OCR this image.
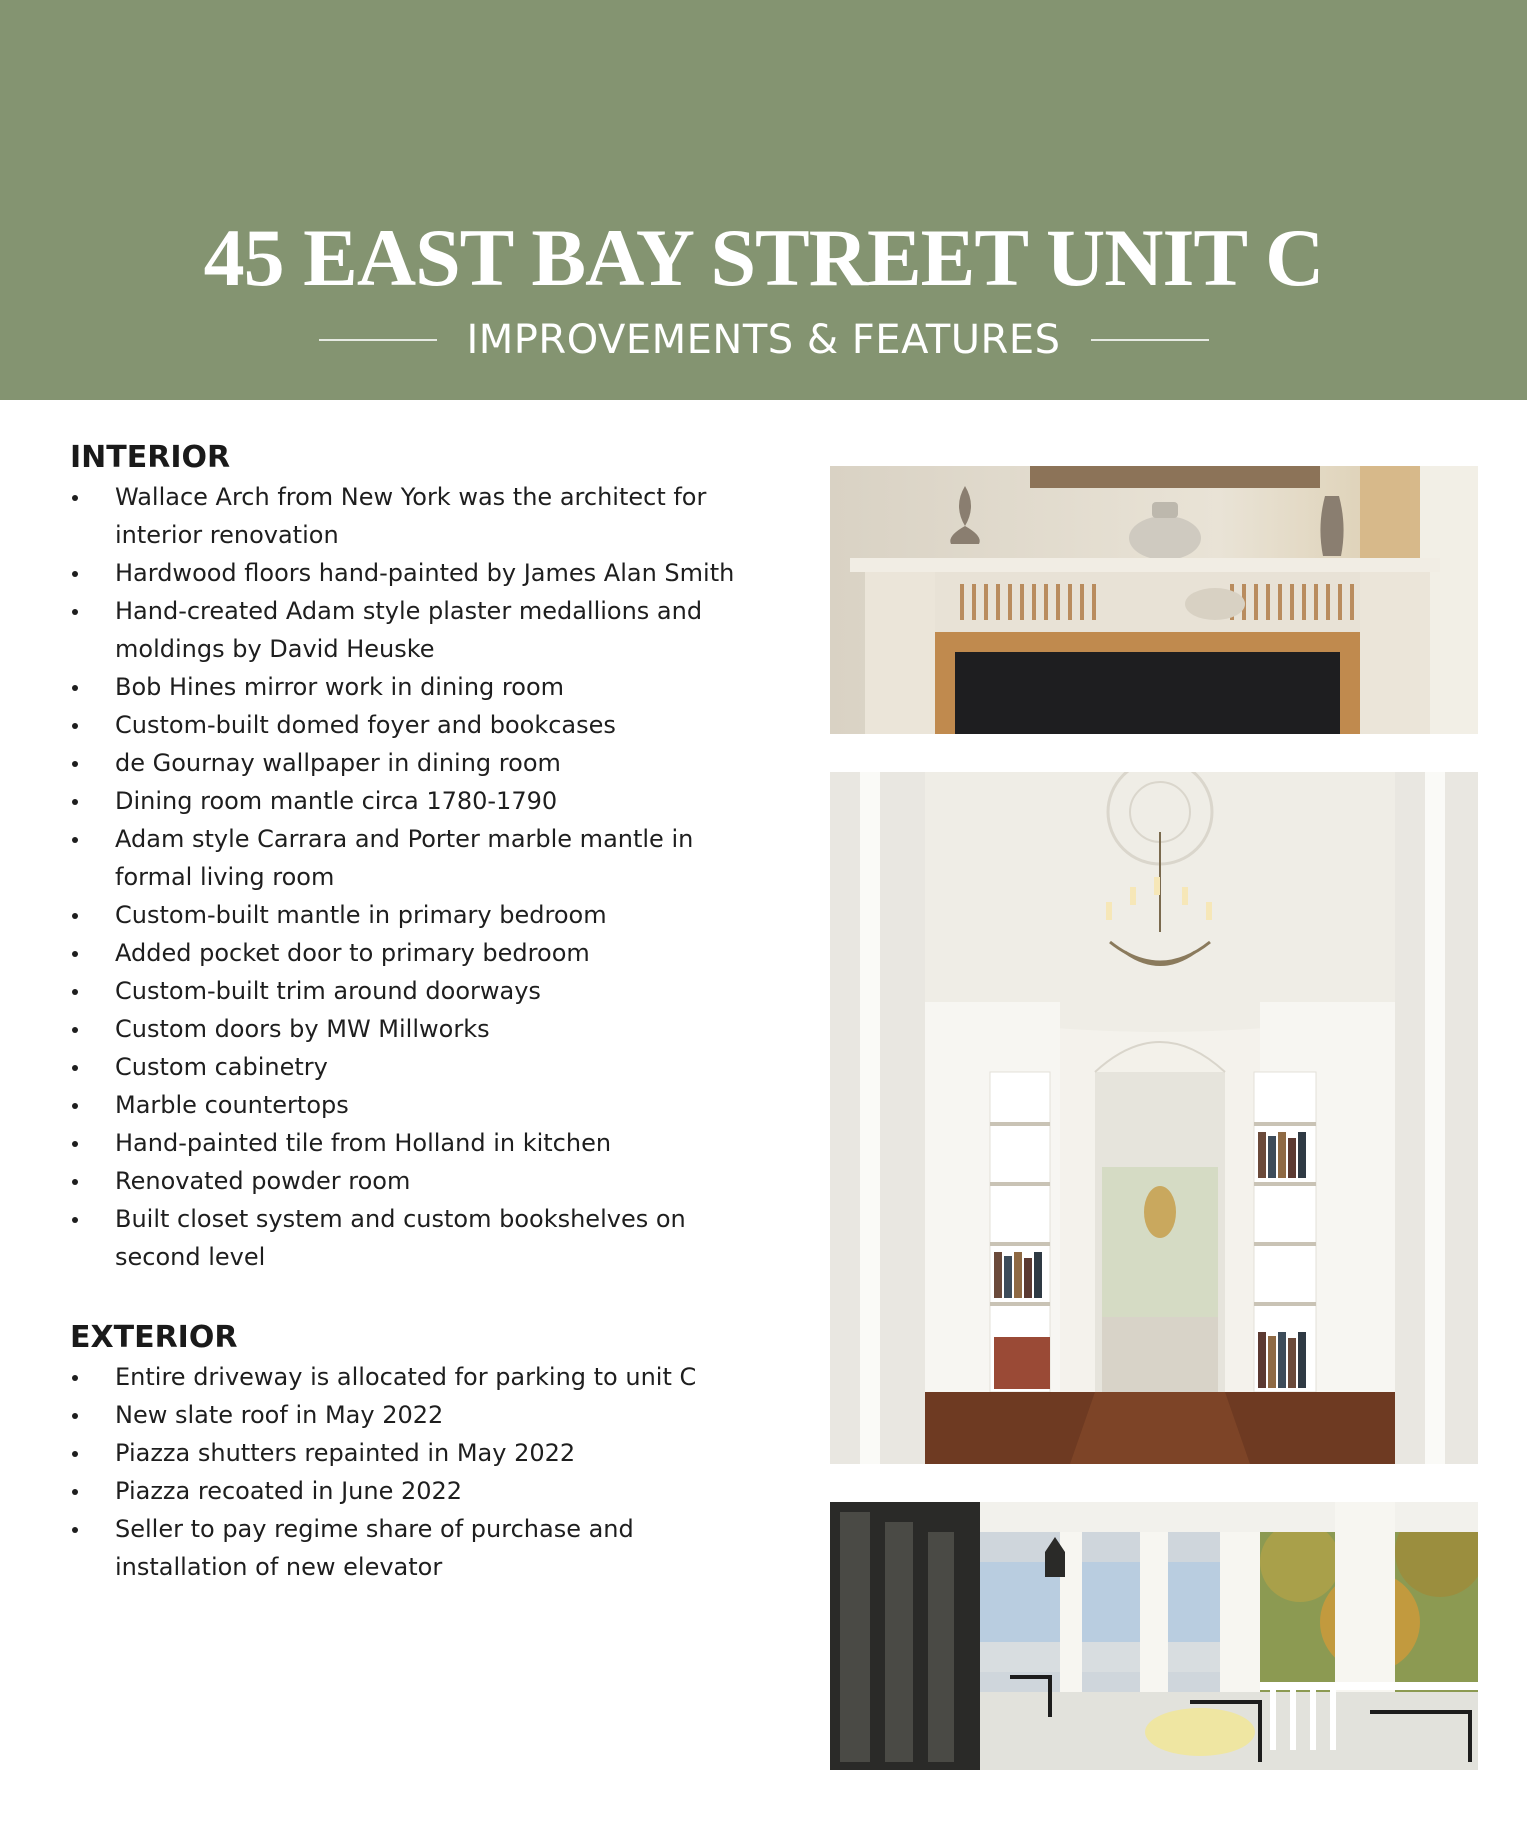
45 EAST BAY STREET UNIT C
IMPROVEMENTS & FEATURES
INTERIOR
Wallace Arch from New York was the architect for interior renovation
Hardwood floors hand-painted by James Alan Smith
Hand-created Adam style plaster medallions and moldings by David Heuske
Bob Hines mirror work in dining room
Custom-built domed foyer and bookcases
de Gournay wallpaper in dining room
Dining room mantle circa 1780-1790
Adam style Carrara and Porter marble mantle in formal living room
Custom-built mantle in primary bedroom
Added pocket door to primary bedroom
Custom-built trim around doorways
Custom doors by MW Millworks
Custom cabinetry
Marble countertops
Hand-painted tile from Holland in kitchen
Renovated powder room
Built closet system and custom bookshelves on second level
EXTERIOR
Entire driveway is allocated for parking to unit C
New slate roof in May 2022
Piazza shutters repainted in May 2022
Piazza recoated in June 2022
Seller to pay regime share of purchase and installation of new elevator
